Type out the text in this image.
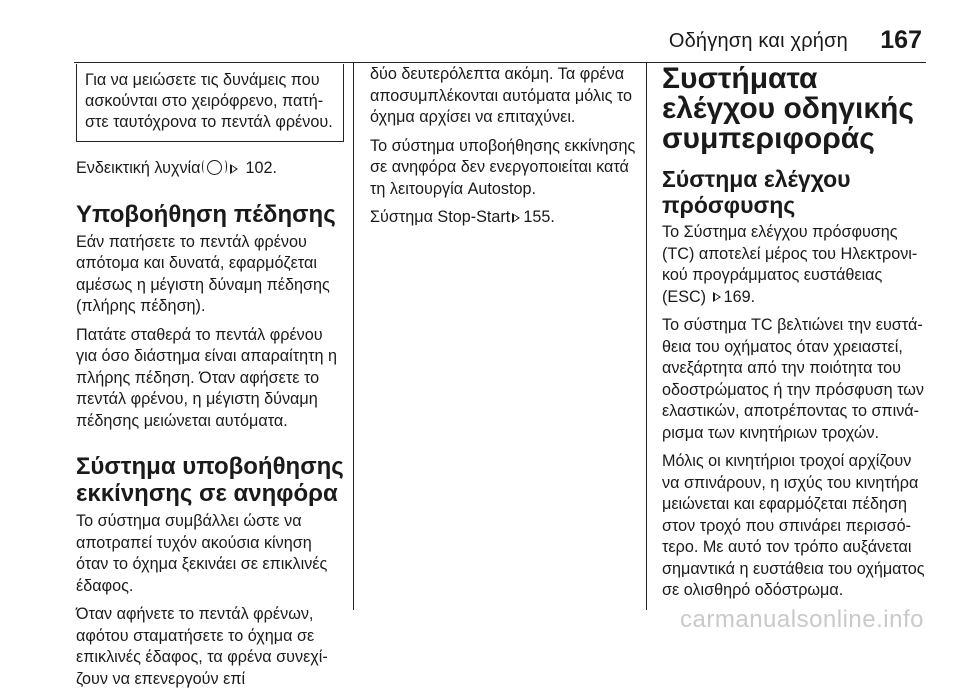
Οδήγηση και χρήση 167
Για να μειώσετε τις δυνάμεις που ασκούνται στο χειρόφρενο, πατή-στε ταυτόχρονα το πεντάλ φρένου.

Ενδεικτική λυχνία	102.

Υποβοήθηση πέδησης

Εάν πατήσετε το πεντάλ φρένου απότομα και δυνατά, εφαρμόζεται αμέσως η μέγιστη δύναμη πέδησης (πλήρης πέδηση).

Πατάτε σταθερά το πεντάλ φρένου για όσο διάστημα είναι απαραίτητη η πλήρης πέδηση. Όταν αφήσετε το πεντάλ φρένου, η μέγιστη δύναμη πέδησης μειώνεται αυτόματα.

Σύστημα υποβοήθησης εκκίνησης σε ανηφόρα

Το σύστημα συμβάλλει ώστε να αποτραπεί τυχόν ακούσια κίνηση όταν το όχημα ξεκινάει σε επικλινές έδαφος.

Όταν αφήνετε το πεντάλ φρένων, αφότου σταματήσετε το όχημα σε επικλινές έδαφος, τα φρένα συνεχί-ζουν να επενεργούν επί

δύο δευτερόλεπτα ακόμη. Τα φρένα αποσυμπλέκονται αυτόματα μόλις το όχημα αρχίσει να επιταχύνει.

Το σύστημα υποβοήθησης εκκίνησης σε ανηφόρα δεν ενεργοποιείται κατά τη λειτουργία Autostop.

Σύστημα Stop-Start 155.

Συστήματα ελέγχου οδηγικής συμπεριφοράς
Σύστημα ελέγχου πρόσφυσης

Το Σύστημα ελέγχου πρόσφυσης (TC) αποτελεί μέρος του Ηλεκτρονι-κού προγράμματος ευστάθειας (ESC) 169.

Το σύστημα TC βελτιώνει την ευστά-θεια του οχήματος όταν χρειαστεί, ανεξάρτητα από την ποιότητα του οδοστρώματος ή την πρόσφυση των ελαστικών, αποτρέποντας το σπινά-ρισμα των κινητήριων τροχών.

Μόλις οι κινητήριοι τροχοί αρχίζουν να σπινάρουν, η ισχύς του κινητήρα μειώνεται και εφαρμόζεται πέδηση στον τροχό που σπινάρει περισσό-τερο. Με αυτό τον τρόπο αυξάνεται σημαντικά η ευστάθεια του οχήματος σε ολισθηρό οδόστρωμα.

carmanualsonline.info
